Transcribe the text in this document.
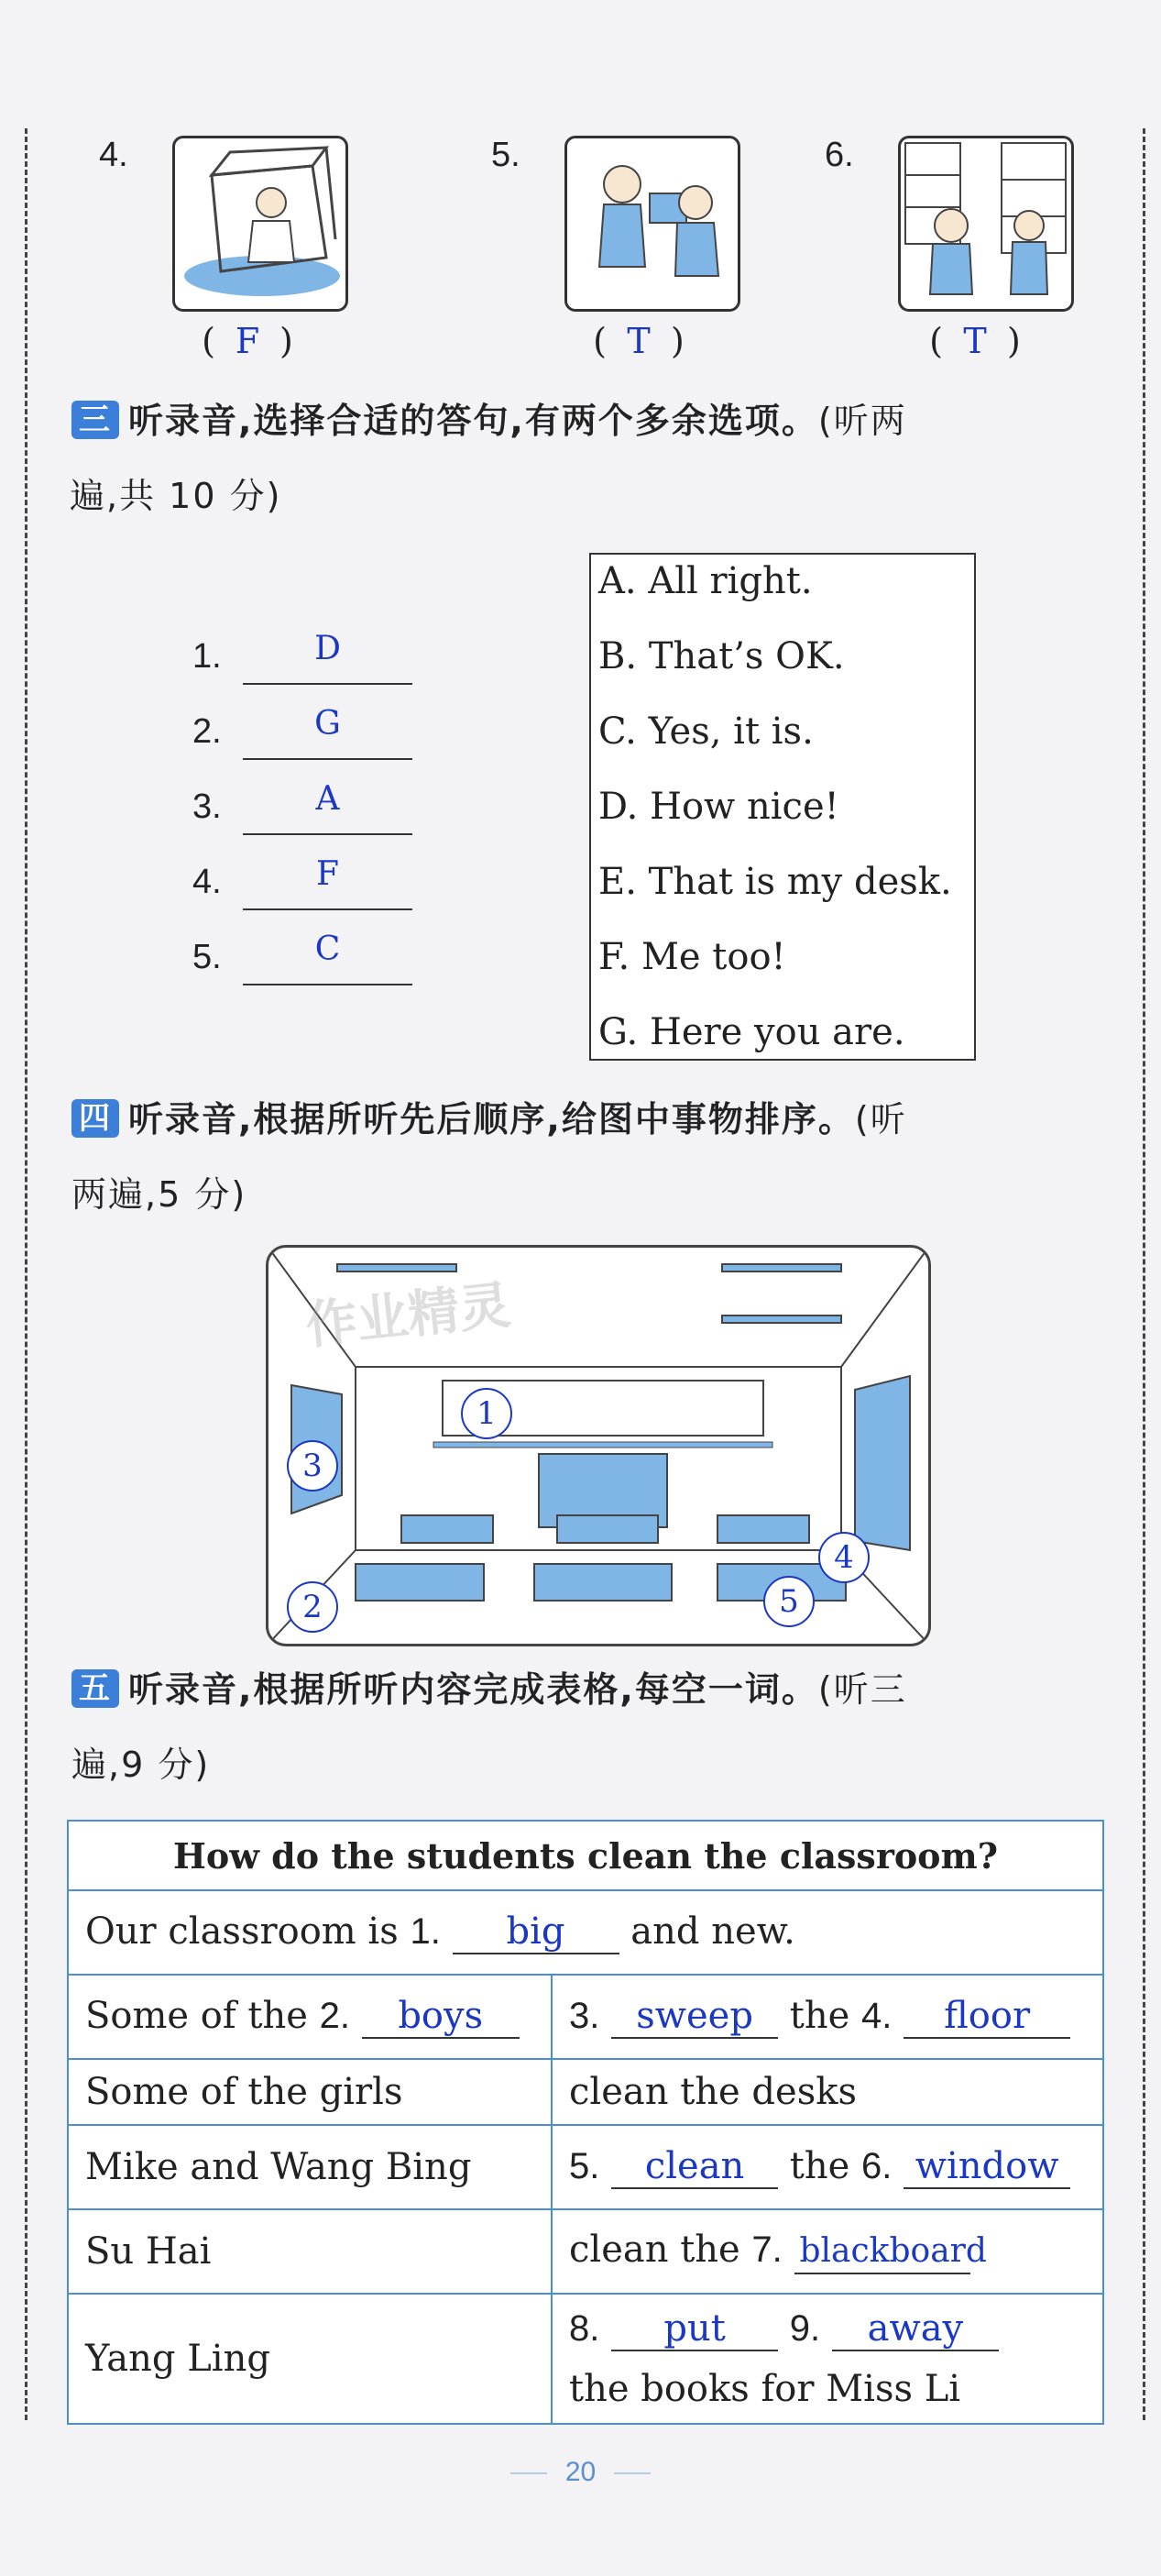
4.
( F )
5.
( T )
6.
( T )
三 听录音,选择合适的答句,有两个多余选项。(听两
遍,共 10 分)
1.	D
2.	G
3.	A
4.	F
5.	C
A. All right.
B. That’s OK.
C. Yes, it is.
D. How nice!
E. That is my desk.
F. Me too!
G. Here you are.
四 听录音,根据所听先后顺序,给图中事物排序。(听
两遍,5 分)
1
2
3
4
5
作业精灵
五 听录音,根据所听内容完成表格,每空一词。(听三
遍,9 分)
How do the students clean the classroom?	
Our classroom is 1. big and new.	
Some of the 2. boys	3. sweep the 4. floor
Some of the girls	clean the desks
Mike and Wang Bing	5. clean the 6. window
Su Hai	clean the 7. blackboard
Yang Ling	8. put 9. away
the books for Miss Li
20
